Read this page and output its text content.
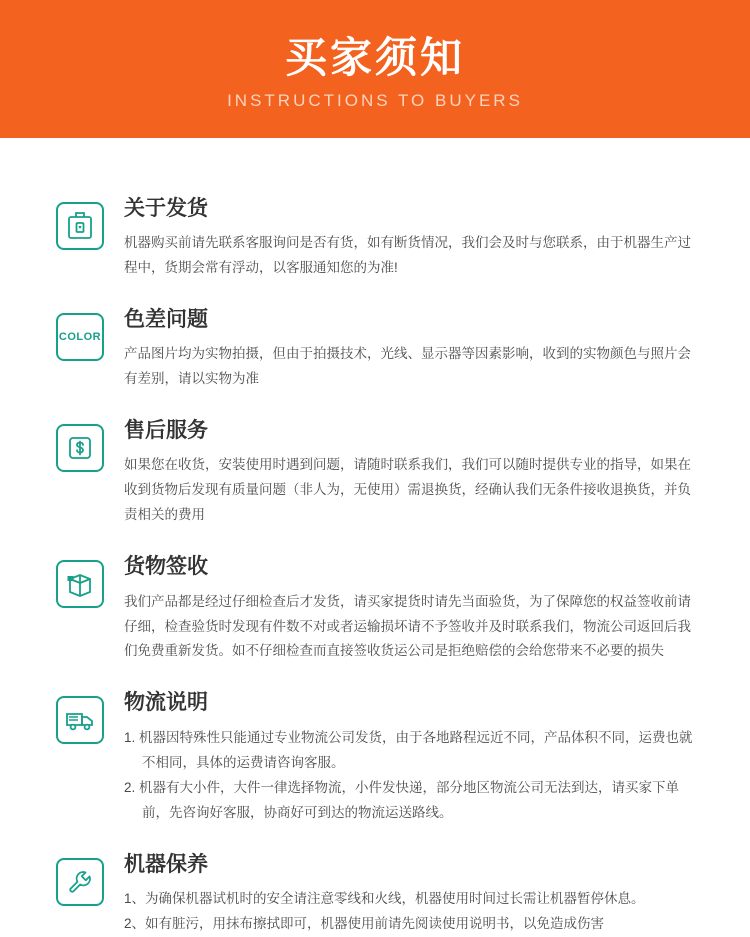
买家须知
INSTRUCTIONS TO BUYERS
关于发货

机器购买前请先联系客服询问是否有货，如有断货情况，我们会及时与您联系，由于机器生产过程中，货期会常有浮动，以客服通知您的为准!

COLOR
色差问题

产品图片均为实物拍摄，但由于拍摄技术，光线、显示器等因素影响，收到的实物颜色与照片会有差别，请以实物为准

售后服务

如果您在收货，安装使用时遇到问题，请随时联系我们，我们可以随时提供专业的指导，如果在收到货物后发现有质量问题（非人为，无使用）需退换货，经确认我们无条件接收退换货，并负责相关的费用

货物签收

我们产品都是经过仔细检查后才发货，请买家提货时请先当面验货，为了保障您的权益签收前请仔细，检查验货时发现有件数不对或者运输损坏请不予签收并及时联系我们，物流公司返回后我们免费重新发货。如不仔细检查而直接签收货运公司是拒绝赔偿的会给您带来不必要的损失

物流说明
1. 机器因特殊性只能通过专业物流公司发货，由于各地路程远近不同，产品体积不同，运费也就不相同，具体的运费请咨询客服。
2. 机器有大小件，大件一律选择物流，小件发快递，部分地区物流公司无法到达，请买家下单前，先咨询好客服，协商好可到达的物流运送路线。
机器保养
1、为确保机器试机时的安全请注意零线和火线，机器使用时间过长需让机器暂停休息。
2、如有脏污，用抹布擦拭即可，机器使用前请先阅读使用说明书，以免造成伤害
